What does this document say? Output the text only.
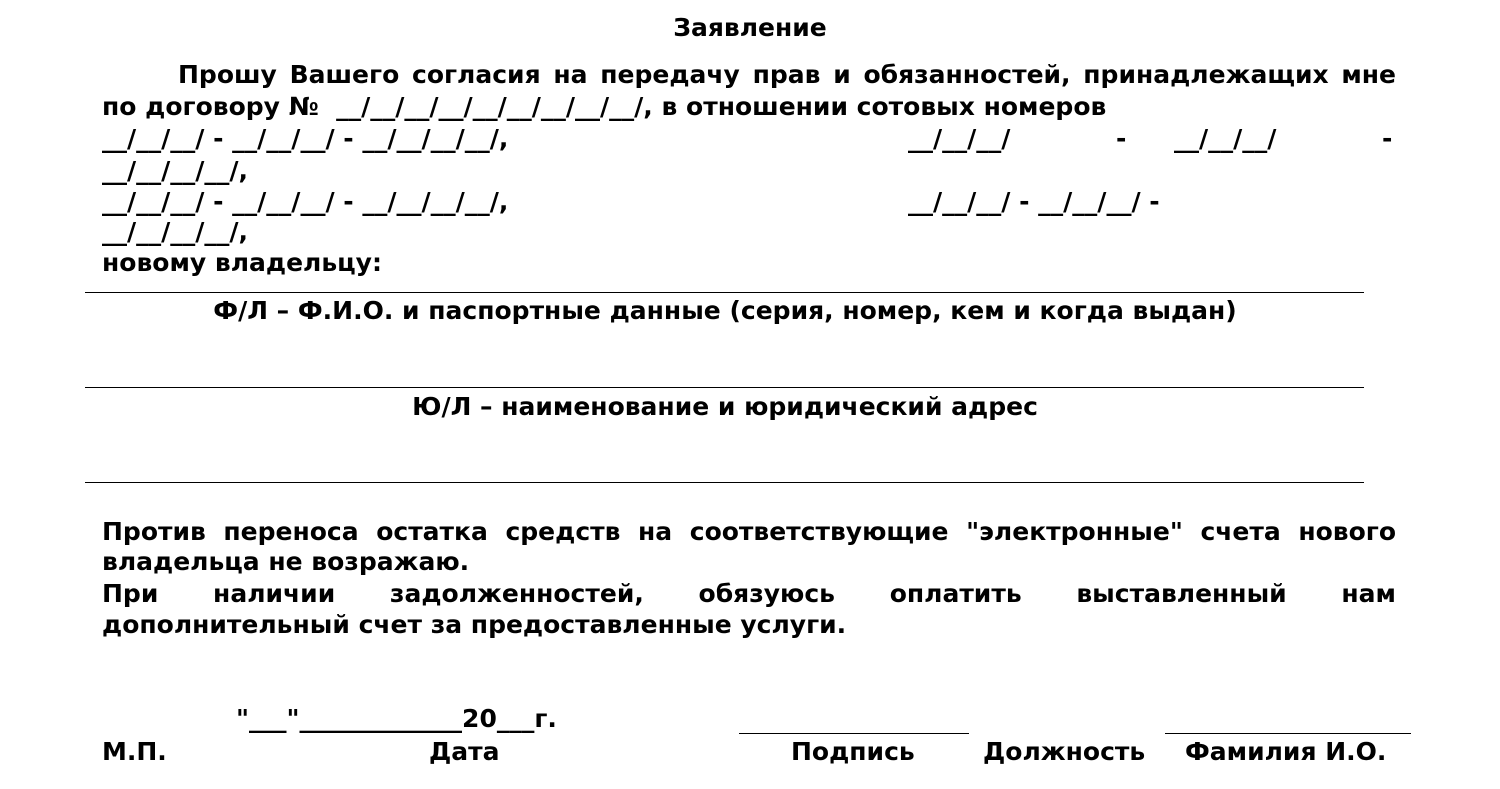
Заявление
Прошу Вашего согласия на передачу прав и обязанностей, принадлежащих мне
по договору №  __/__/__/__/__/__/__/__/__/, в отношении сотовых номеров
__/__/__/ - __/__/__/ - __/__/__/__/,	__/__/__/	- __/__/__/	-
__/__/__/__/,
__/__/__/ - __/__/__/ - __/__/__/__/,	__/__/__/ - __/__/__/ -
__/__/__/__/,
новому владельцу:
Ф/Л – Ф.И.О. и паспортные данные (серия, номер, кем и когда выдан)
Ю/Л – наименование и юридический адрес
Против переноса остатка средств на соответствующие "электронные" счета нового
владельца не возражаю.
При наличии задолженностей, обязуюсь оплатить выставленный нам
дополнительный счет за предоставленные услуги.
"___"_____________20___г.
М.П.	Дата	Подпись	Должность Фамилия И.О.
